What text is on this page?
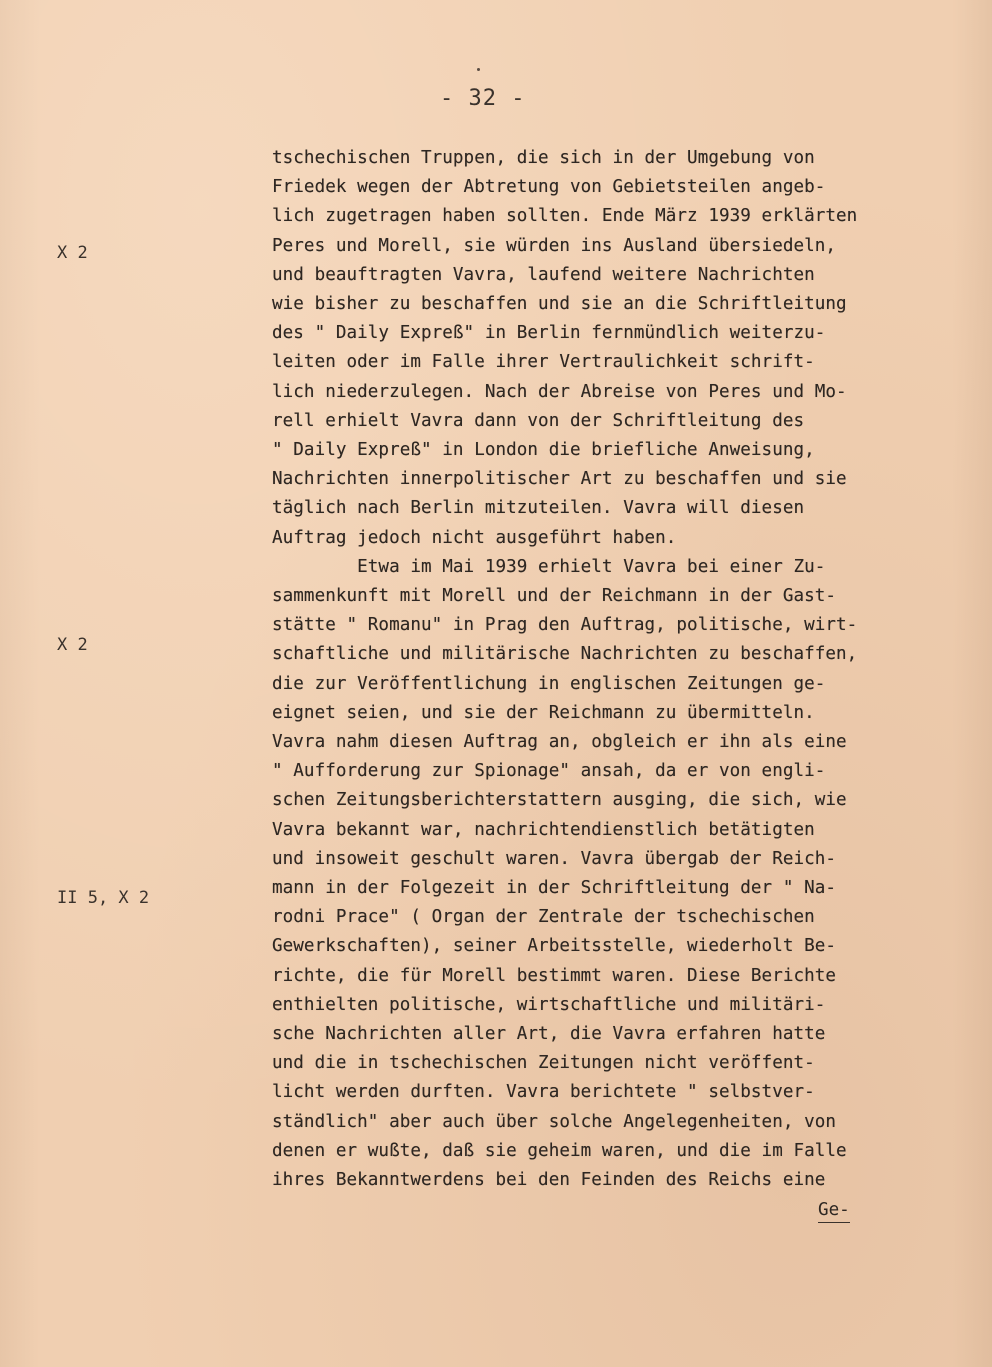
- 32 -
X 2
X 2
II 5, X 2
tschechischen Truppen, die sich in der Umgebung von
Friedek wegen der Abtretung von Gebietsteilen angeb-
lich zugetragen haben sollten. Ende März 1939 erklärten
Peres und Morell, sie würden ins Ausland übersiedeln,
und beauftragten Vavra, laufend weitere Nachrichten
wie bisher zu beschaffen und sie an die Schriftleitung
des " Daily Expreß" in Berlin fernmündlich weiterzu-
leiten oder im Falle ihrer Vertraulichkeit schrift-
lich niederzulegen. Nach der Abreise von Peres und Mo-
rell erhielt Vavra dann von der Schriftleitung des
" Daily Expreß" in London die briefliche Anweisung,
Nachrichten innerpolitischer Art zu beschaffen und sie
täglich nach Berlin mitzuteilen. Vavra will diesen
Auftrag jedoch nicht ausgeführt haben.
Etwa im Mai 1939 erhielt Vavra bei einer Zu-
sammenkunft mit Morell und der Reichmann in der Gast-
stätte " Romanu" in Prag den Auftrag, politische, wirt-
schaftliche und militärische Nachrichten zu beschaffen,
die zur Veröffentlichung in englischen Zeitungen ge-
eignet seien, und sie der Reichmann zu übermitteln.
Vavra nahm diesen Auftrag an, obgleich er ihn als eine
" Aufforderung zur Spionage" ansah, da er von engli-
schen Zeitungsberichterstattern ausging, die sich, wie
Vavra bekannt war, nachrichtendienstlich betätigten
und insoweit geschult waren. Vavra übergab der Reich-
mann in der Folgezeit in der Schriftleitung der " Na-
rodni Prace" ( Organ der Zentrale der tschechischen
Gewerkschaften), seiner Arbeitsstelle, wiederholt Be-
richte, die für Morell bestimmt waren. Diese Berichte
enthielten politische, wirtschaftliche und militäri-
sche Nachrichten aller Art, die Vavra erfahren hatte
und die in tschechischen Zeitungen nicht veröffent-
licht werden durften. Vavra berichtete " selbstver-
ständlich" aber auch über solche Angelegenheiten, von
denen er wußte, daß sie geheim waren, und die im Falle
ihres Bekanntwerdens bei den Feinden des Reichs eine
Ge-
